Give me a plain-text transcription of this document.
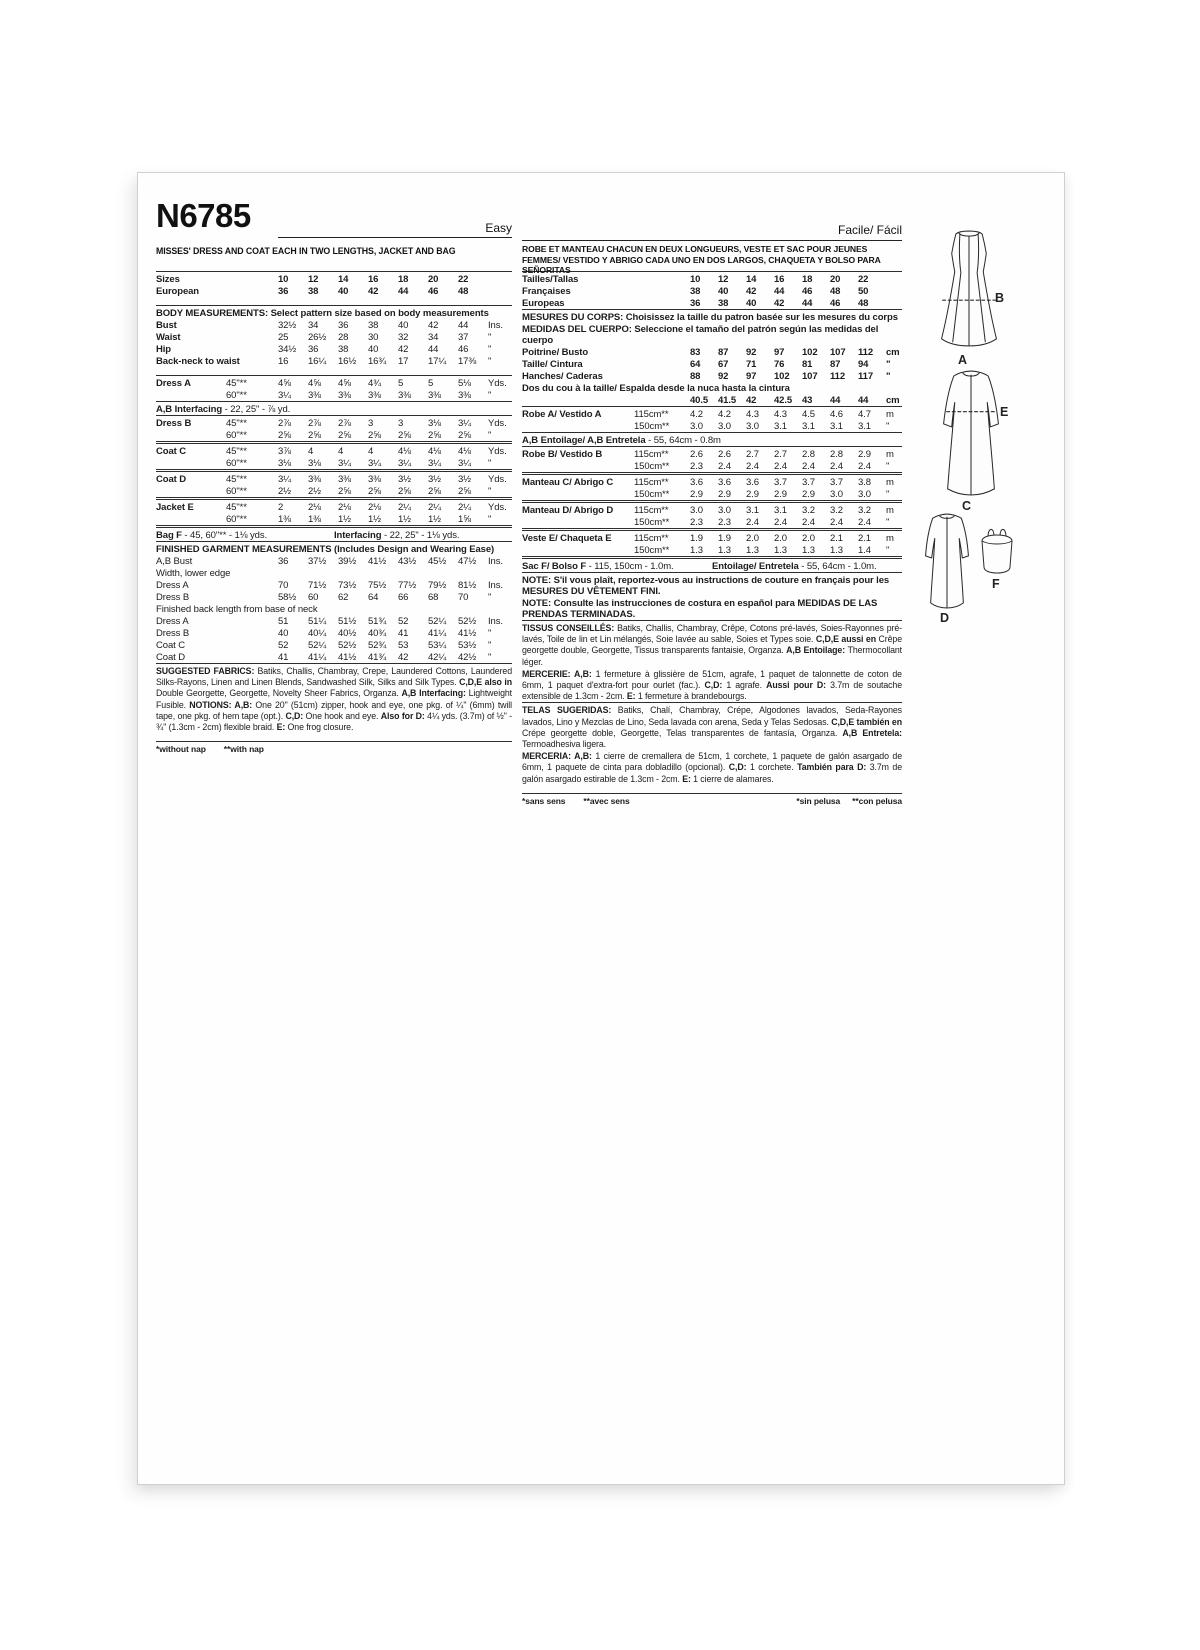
N6785	Easy
MISSES' DRESS AND COAT EACH IN TWO LENGTHS, JACKET AND BAG
Sizes	10	12	14	16	18	20	22
European	36	38	40	42	44	46	48
BODY MEASUREMENTS: Select pattern size based on body measurements
Bust	32½	34	36	38	40	42	44	Ins.
Waist	25	26½	28	30	32	34	37	"
Hip	34½	36	38	40	42	44	46	"
Back-neck to waist	16	16¼	16½	16¾	17	17¼	17⅜	"
Dress A	45"**	4⅝	4⅝	4⅝	4¾	5	5	5⅛	Yds.
60"**	3¼	3⅜	3⅜	3⅜	3⅜	3⅜	3⅜	"
A,B Interfacing - 22, 25" - ⅞ yd.
Dress B	45"**	2⅞	2⅞	2⅞	3	3	3⅛	3¼	Yds.
60"**	2⅝	2⅝	2⅝	2⅝	2⅝	2⅝	2⅝	"
Coat C	45"**	3⅞	4	4	4	4⅛	4⅛	4⅛	Yds.
60"**	3⅛	3⅛	3¼	3¼	3¼	3¼	3¼	"
Coat D	45"**	3¼	3⅜	3⅜	3⅜	3½	3½	3½	Yds.
60"**	2½	2½	2⅝	2⅝	2⅝	2⅝	2⅝	"
Jacket E	45"**	2	2⅛	2⅛	2⅛	2¼	2¼	2¼	Yds.
60"**	1⅜	1⅜	1½	1½	1½	1½	1⅝	"
Bag F - 45, 60"** - 1⅛ yds.	Interfacing - 22, 25" - 1⅛ yds.
FINISHED GARMENT MEASUREMENTS (Includes Design and Wearing Ease)
A,B Bust	36	37½	39½	41½	43½	45½	47½	Ins.
Width, lower edge
Dress A	70	71½	73½	75½	77½	79½	81½	Ins.
Dress B	58½	60	62	64	66	68	70	"
Finished back length from base of neck
Dress A	51	51¼	51½	51¾	52	52¼	52½	Ins.
Dress B	40	40¼	40½	40¾	41	41¼	41½	"
Coat C	52	52¼	52½	52¾	53	53¼	53½	"
Coat D	41	41¼	41½	41¾	42	42¼	42½	"
SUGGESTED FABRICS: Batiks, Challis, Chambray, Crepe, Laundered Cottons, Laundered Silks-Rayons, Linen and Linen Blends, Sandwashed Silk, Silks and Silk Types. C,D,E also in Double Georgette, Georgette, Novelty Sheer Fabrics, Organza. A,B Interfacing: Lightweight Fusible. NOTIONS: A,B: One 20" (51cm) zipper, hook and eye, one pkg. of ¼" (6mm) twill tape, one pkg. of hem tape (opt.). C,D: One hook and eye. Also for D: 4¼ yds. (3.7m) of ½" - ¾" (1.3cm - 2cm) flexible braid. E: One frog closure.
*without nap **with nap
Facile/ Fácil
ROBE ET MANTEAU CHACUN EN DEUX LONGUEURS, VESTE ET SAC POUR JEUNES FEMMES/ VESTIDO Y ABRIGO CADA UNO EN DOS LARGOS, CHAQUETA Y BOLSO PARA SEÑORITAS
Tailles/Tallas	10	12	14	16	18	20	22
Françaises	38	40	42	44	46	48	50
Europeas	36	38	40	42	44	46	48
MESURES DU CORPS: Choisissez la taille du patron basée sur les mesures du corps
MEDIDAS DEL CUERPO: Seleccione el tamaño del patrón según las medidas del cuerpo
Poitrine/ Busto	83	87	92	97	102	107	112	cm
Taille/ Cintura	64	67	71	76	81	87	94	"
Hanches/ Caderas	88	92	97	102	107	112	117	"
Dos du cou à la taille/ Espalda desde la nuca hasta la cintura
40.5	41.5	42	42.5	43	44	44	cm
Robe A/ Vestido A	115cm**	4.2	4.2	4.3	4.3	4.5	4.6	4.7	m
150cm**	3.0	3.0	3.0	3.1	3.1	3.1	3.1	"
A,B Entoilage/ A,B Entretela - 55, 64cm - 0.8m
Robe B/ Vestido B	115cm**	2.6	2.6	2.7	2.7	2.8	2.8	2.9	m
150cm**	2.3	2.4	2.4	2.4	2.4	2.4	2.4	"
Manteau C/ Abrigo C	115cm**	3.6	3.6	3.6	3.7	3.7	3.7	3.8	m
150cm**	2.9	2.9	2.9	2.9	2.9	3.0	3.0	"
Manteau D/ Abrigo D	115cm**	3.0	3.0	3.1	3.1	3.2	3.2	3.2	m
150cm**	2.3	2.3	2.4	2.4	2.4	2.4	2.4	"
Veste E/ Chaqueta E	115cm**	1.9	1.9	2.0	2.0	2.0	2.1	2.1	m
150cm**	1.3	1.3	1.3	1.3	1.3	1.3	1.4	"
Sac F/ Bolso F - 115, 150cm - 1.0m.	Entoilage/ Entretela - 55, 64cm - 1.0m.
NOTE: S'il vous plaît, reportez-vous au instructions de couture en français pour les MESURES DU VÊTEMENT FINI.
NOTE: Consulte las instrucciones de costura en español para MEDIDAS DE LAS PRENDAS TERMINADAS.
TISSUS CONSEILLÉS: Batiks, Challis, Chambray, Crêpe, Cotons pré-lavés, Soies-Rayonnes pré-lavés, Toile de lin et Lin mélangés, Soie lavée au sable, Soies et Types soie. C,D,E aussi en Crêpe georgette double, Georgette, Tissus transparents fantaisie, Organza. A,B Entoilage: Thermocollant léger.
MERCERIE: A,B: 1 fermeture à glissière de 51cm, agrafe, 1 paquet de talonnette de coton de 6mm, 1 paquet d'extra-fort pour ourlet (fac.). C,D: 1 agrafe. Aussi pour D: 3.7m de soutache extensible de 1.3cm - 2cm. E: 1 fermeture à brandebourgs.
TELAS SUGERIDAS: Batiks, Chalí, Chambray, Crépe, Algodones lavados, Seda-Rayones lavados, Lino y Mezclas de Lino, Seda lavada con arena, Seda y Telas Sedosas. C,D,E también en Crépe georgette doble, Georgette, Telas transparentes de fantasía, Organza. A,B Entretela: Termoadhesiva ligera.
MERCERIA: A,B: 1 cierre de cremallera de 51cm, 1 corchete, 1 paquete de galón asargado de 6mm, 1 paquete de cinta para dobladillo (opcional). C,D: 1 corchete. También para D: 3.7m de galón asargado estirable de 1.3cm - 2cm. E: 1 cierre de alamares.
*sans sens **avec sens	*sin pelusa **con pelusa
B
A
E
C
D
F
